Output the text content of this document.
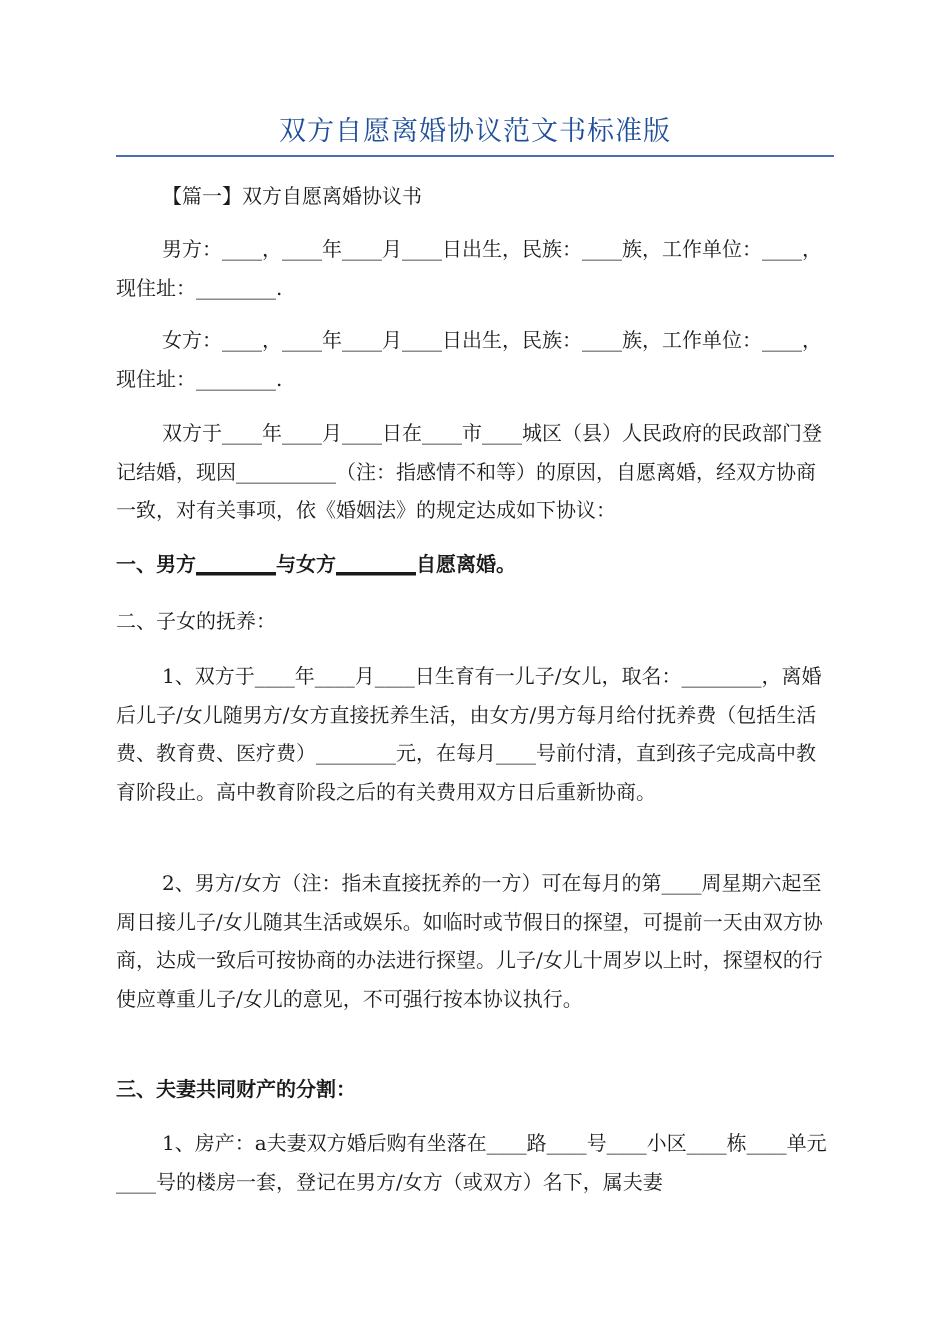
双方自愿离婚协议范文书标准版

【篇一】双方自愿离婚协议书

男方：____，____年____月____日出生，民族：____族，工作单位：____，现住址：________.

女方：____，____年____月____日出生，民族：____族，工作单位：____，现住址：________.

双方于____年____月____日在____市____城区（县）人民政府的民政部门登记结婚，现因__________（注：指感情不和等）的原因，自愿离婚，经双方协商一致，对有关事项，依《婚姻法》的规定达成如下协议：

一、男方________与女方________自愿离婚。

二、子女的抚养：

1、双方于____年____月____日生育有一儿子/女儿，取名：________，离婚后儿子/女儿随男方/女方直接抚养生活，由女方/男方每月给付抚养费（包括生活费、教育费、医疗费）________元，在每月____号前付清，直到孩子完成高中教育阶段止。高中教育阶段之后的有关费用双方日后重新协商。

2、男方/女方（注：指未直接抚养的一方）可在每月的第____周星期六起至周日接儿子/女儿随其生活或娱乐。如临时或节假日的探望，可提前一天由双方协商，达成一致后可按协商的办法进行探望。儿子/女儿十周岁以上时，探望权的行使应尊重儿子/女儿的意见，不可强行按本协议执行。

三、夫妻共同财产的分割：

1、房产：a夫妻双方婚后购有坐落在____路____号____小区____栋____单元____号的楼房一套，登记在男方/女方（或双方）名下，属夫妻
